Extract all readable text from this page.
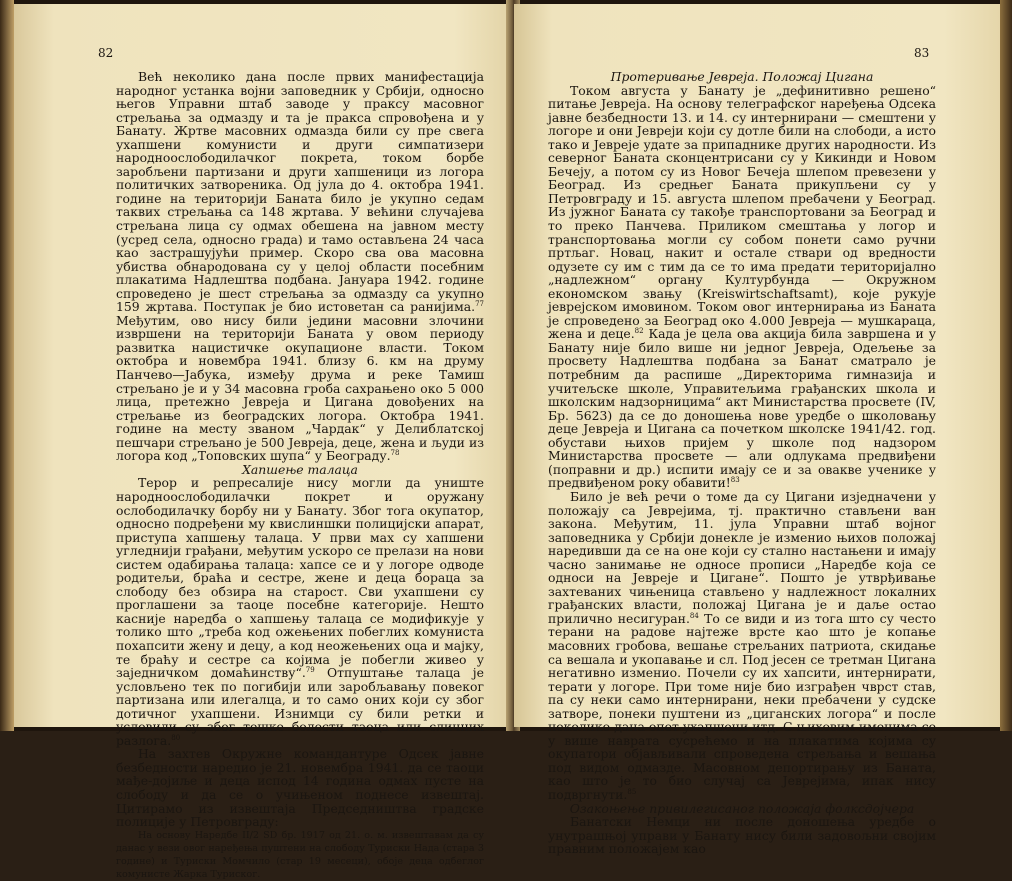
82

Већ неколико дана после првих манифестација народног устанка војни заповедник у Србији, односно његов Управни штаб заводе у праксу масовног стрељања за одмазду и та је пракса спровођена и у Банату. Жртве масовних одмазда били су пре свега ухапшени комунисти и други симпатизери народноослободилачког покрета, током борбе заробљени партизани и други хапшеници из логора политичких затвореника. Од јула до 4. октобра 1941. године на територији Баната било је укупно седам таквих стрељања са 148 жртава. У већини случајева стрељана лица су одмах обешена на јавном месту (усред села, односно града) и тамо остављена 24 часа као застрашујући пример. Скоро сва ова масовна убиства обнародована су у целој области посебним плакатима Надлештва подбана. Јануара 1942. године спроведено је шест стрељања за одмазду са укупно 159 жртава. Поступак је био истоветан са ранијима.$^{77}$ Међутим, ово нису били једини масовни злочини извршени на територији Баната у овом периоду развитка нацистичке окупационе власти. Током октобра и новембра 1941. близу 6. км на друму Панчево—Јабука, између друма и реке Тамиш стрељано је и у 34 масовна гроба сахрањено око 5 000 лица, претежно Јевреја и Цигана довођених на стрељање из београдских логора. Октобра 1941. године на месту званом „Чардак“ у Делиблатској пешчари стрељано је 500 Јевреја, деце, жена и људи из логора код „Топовских шупа“ у Београду.$^{78}$

Хапшење талаца

Терор и репресалије нису могли да униште народноослободилачки покрет и оружану ослободилачку борбу ни у Банату. Због тога окупатор, односно подређени му квислиншки полицијски апарат, приступа хапшењу талаца. У први мах су хапшени угледнији грађани, међутим ускоро се прелази на нови систем одабирања талаца: хапсе се и у логоре одводе родитељи, браћа и сестре, жене и деца бораца за слободу без обзира на старост. Сви ухапшени су проглашени за таоце посебне категорије. Нешто касније наредба о хапшењу талаца се модификује у толико што „треба код ожењених побеглих комуниста похапсити жену и децу, а код неожењених оца и мајку, те браћу и сестре са којима је побегли живео у заједничком домаћинству“.$^{79}$ Отпуштање талаца је условљено тек по погибији или заробљавању повеког партизана или илегалца, и то само оних који су због дотичног ухапшени. Изнимци су били ретки и условили су због тешке болести таоца или сличних разлога.$^{80}$

На захтев Окружне командантуре Одсек јавне безбедности наредио је 21. новембра 1941. да се таоци мађе-дојиље и деца испод 14 година одмах пусте на слободу и да се о учињеном поднесе извештај. Цитирамо из извештаја Председништва градске полиције у Петровграду:

На основу Наредбе II/2 SD бр. 1917 од 21. о. м. извештавам да су данас у вези овог наређења пуштени на слободу Туриски Нада (стара 3 године) и Туриски Момчило (стар 19 месеци), обоје деца одбеглог комунисте Жарка Туриског.

83

Протеривање Јевреја. Положај Цигана

Током августа у Банату је „дефинитивно решено“ питање Јевреја. На основу телеграфског наређења Одсека јавне безбедности 13. и 14. су интернирани — смештени у логоре и они Јевреји који су дотле били на слободи, а исто тако и Јевреје удате за припаднике других народности. Из северног Баната сконцентрисани су у Кикинди и Новом Бечеју, а потом су из Новог Бечеја шлепом превезени у Београд. Из средњег Баната прикупљени су у Петровграду и 15. августа шлепом пребачени у Београд. Из јужног Баната су такође транспортовани за Београд и то преко Панчева. Приликом смештања у логор и транспортовања могли су собом понети само ручни пртљаг. Новац, накит и остале ствари од вредности одузете су им с тим да се то има предати територијално „надлежном“ органу Културбунда — Окружном економском звању (Kreiswirtschaftsamt), које рукује јеврејском имовином. Током овог интернирања из Баната је спроведено за Београд око 4.000 Јевреја — мушкараца, жена и деце.$^{82}$ Када је цела ова акција била завршена и у Банату није било више ни једног Јевреја, Одељење за просвету Надлештва подбана за Банат сматрало је потребним да распише „Директорима гимназија и учитељске школе, Управитељима грађанских школа и школским надзорницима“ акт Министарства просвете (IV, Бр. 5623) да се до доношења нове уредбе о школовању деце Јевреја и Цигана са почетком школске 1941/42. год. обустави њихов пријем у школе под надзором Министарства просвете — али одлукама предвиђени (поправни и др.) испити имају се и за овакве ученике у предвиђеном року обавити!$^{83}$

Било је већ речи о томе да су Цигани изједначени у положају са Јеврејима, тј. практично стављени ван закона. Међутим, 11. јула Управни штаб војног заповедника у Србији донекле је изменио њихов положај наредивши да се на оне који су стално настањени и имају часно занимање не односе прописи „Наредбе која се односи на Јевреје и Цигане“. Пошто је утврђивање захтеваних чињеница стављено у надлежност локалних грађанских власти, положај Цигана је и даље остао прилично несигуран.$^{84}$ То се види и из тога што су често терани на радове најтеже врсте као што је копање масовних гробова, вешање стрељаних патриота, скидање са вешала и укопавање и сл. Под јесен се третман Цигана негативно изменио. Почели су их хапсити, интернирати, терати у логоре. При томе није био изграђен чврст став, па су неки само интернирани, неки пребачени у судске затворе, понеки пуштени из „циганских логора“ и после неколико дана опет ухапшени итд. С њиховим именима се у више наврата сусрећемо и на плакатима којима су окупатори објављивали спроведена стрељања и вешања под видом одмазде. Масовном депортирању из Баната, као што је то био случај са Јеврејима, ипак нису подвргнути.$^{85}$

Озакоњење привилегисаног положаја фолксдојчера

Банатски Немци ни после доношења уредбе о унутрашњој управи у Банату нису били задовољни својим правним положајем као
